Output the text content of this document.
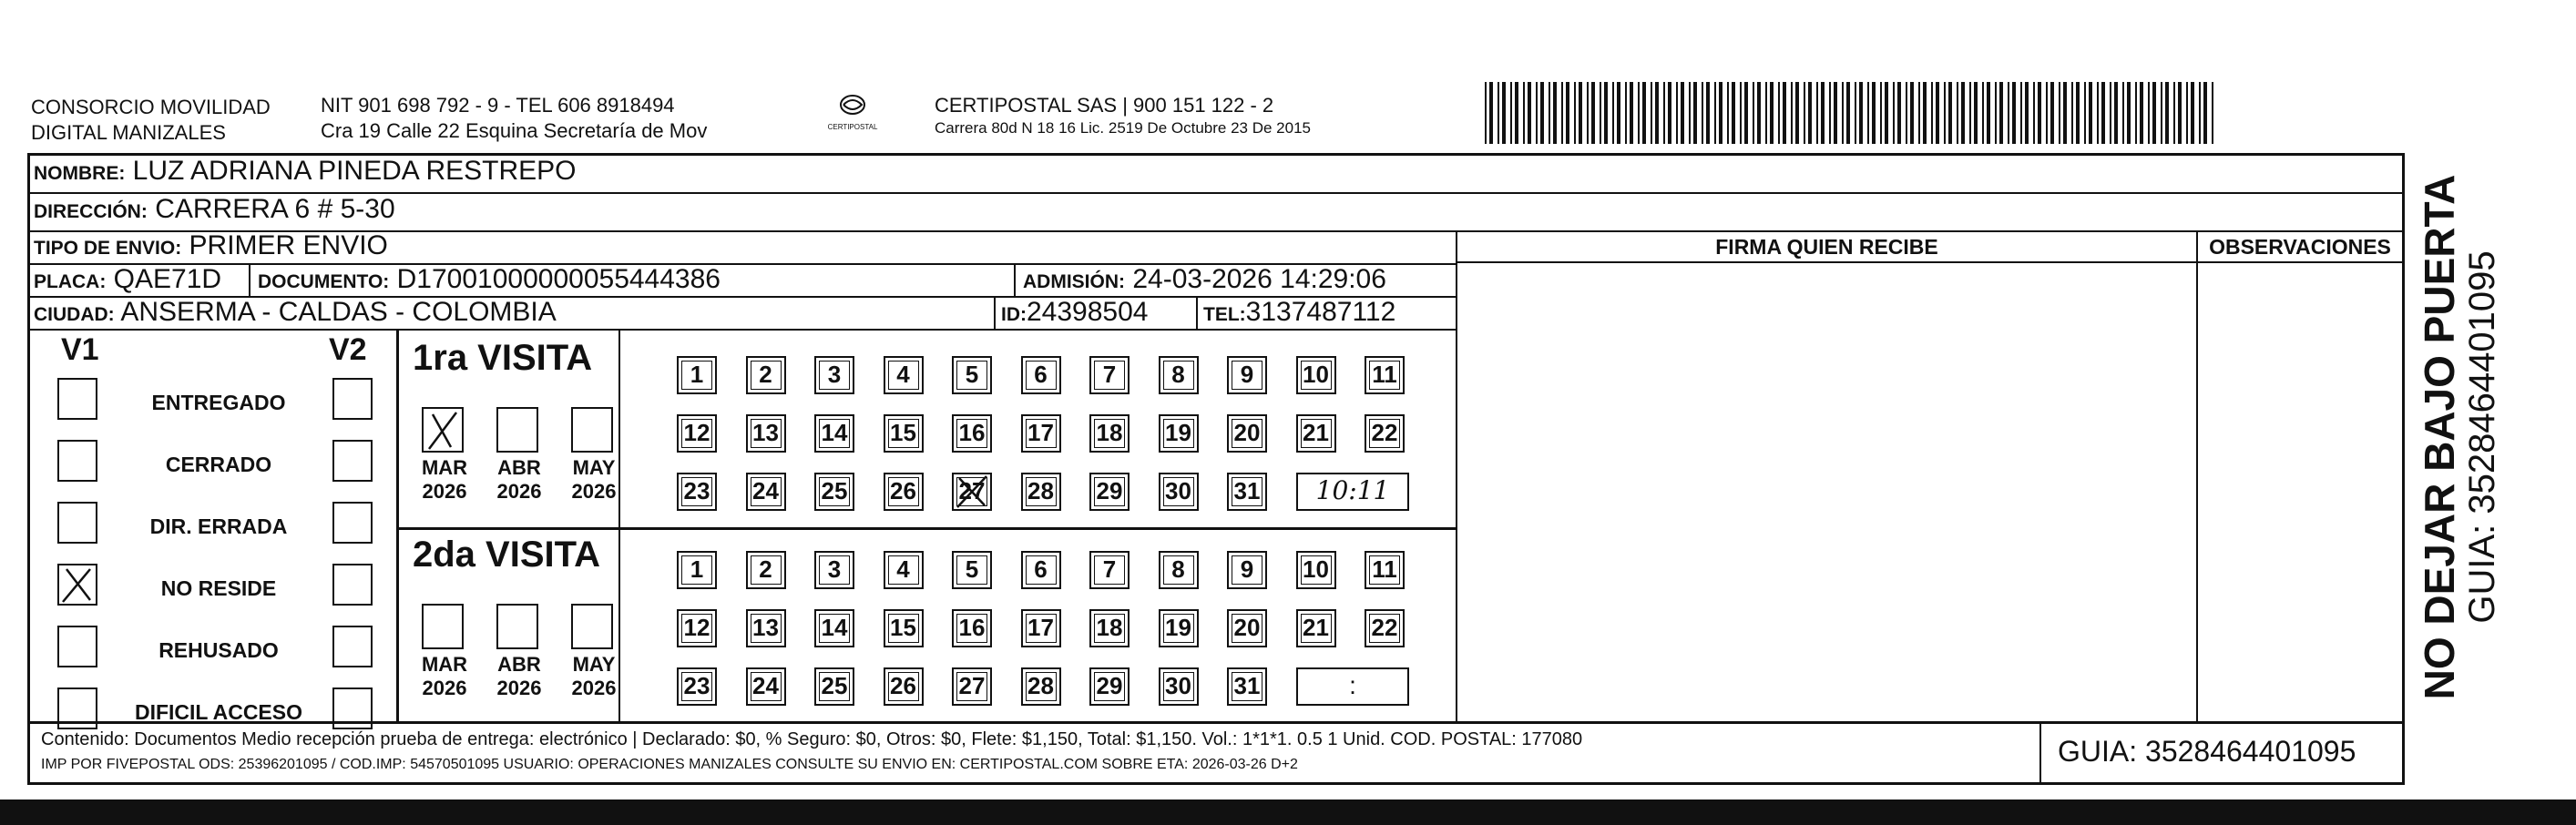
CONSORCIO MOVILIDAD
DIGITAL MANIZALES
NIT 901 698 792 - 9 - TEL 606 8918494
Cra 19 Calle 22 Esquina Secretaría de Mov	CERTIPOSTAL
CERTIPOSTAL SAS | 900 151 122 - 2
Carrera 80d N 18 16 Lic. 2519 De Octubre 23 De 2015
NOMBRE: LUZ ADRIANA PINEDA RESTREPO
DIRECCIÓN: CARRERA 6 # 5-30
TIPO DE ENVIO: PRIMER ENVIO
PLACA: QAE71D DOCUMENTO: D17001000000055444386	ADMISIÓN: 24-03-2026 14:29:06
CIUDAD: ANSERMA - CALDAS - COLOMBIA	ID:24398504	TEL:3137487112
FIRMA QUIEN RECIBE	OBSERVACIONES
V1	V2
ENTREGADO
CERRADO
DIR. ERRADA
NO RESIDE
REHUSADO
DIFICIL ACCESO
1ra VISITA
MAR
2026
ABR
2026
MAY
2026
1	2	3	4	5	6	7	8	9	10	11
12 13 14 15 16 17 18 19 20 21 22
23 24 25 26 27 28 29 30 31	10:11
2da VISITA
MAR
2026
ABR
2026
MAY
2026
1	2	3	4	5	6	7	8	9	10	11
12 13 14 15 16 17 18 19 20 21 22
23 24 25 26 27 28 29 30 31	:
Contenido: Documentos Medio recepción prueba de entrega: electrónico | Declarado: $0, % Seguro: $0, Otros: $0, Flete: $1,150, Total: $1,150. Vol.: 1*1*1. 0.5 1 Unid. COD. POSTAL: 177080
IMP POR FIVEPOSTAL ODS: 25396201095 / COD.IMP: 54570501095 USUARIO: OPERACIONES MANIZALES CONSULTE SU ENVIO EN: CERTIPOSTAL.COM SOBRE ETA: 2026-03-26 D+2	GUIA: 3528464401095
NO DEJAR BAJO PUERTA GUIA: 3528464401095
